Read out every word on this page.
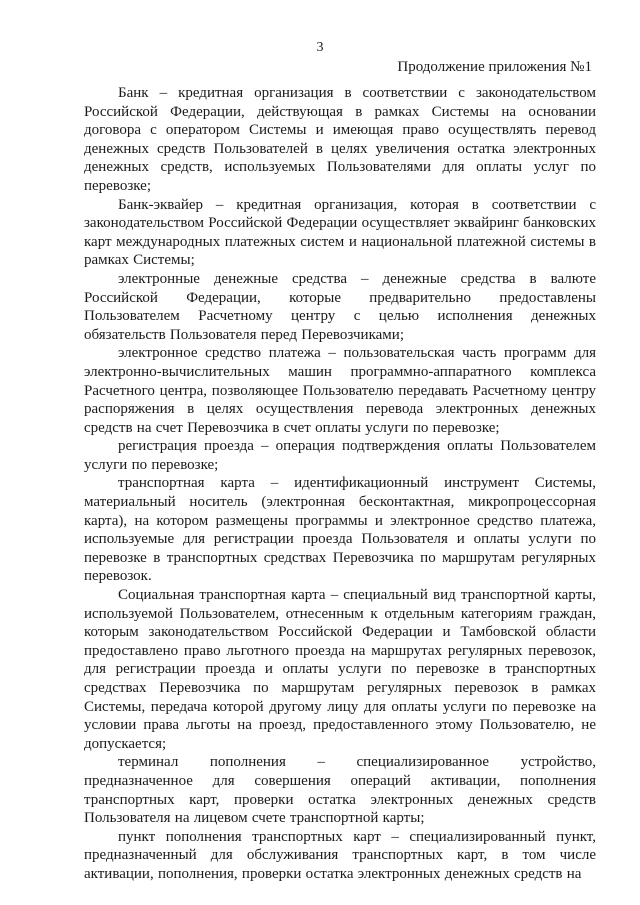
3
Продолжение приложения №1

Банк – кредитная организация в соответствии с законодательством Российской Федерации, действующая в рамках Системы на основании договора с оператором Системы и имеющая право осуществлять перевод денежных средств Пользователей в целях увеличения остатка электронных денежных средств, используемых Пользователями для оплаты услуг по перевозке;

Банк-эквайер – кредитная организация, которая в соответствии с законодательством Российской Федерации осуществляет эквайринг банковских карт международных платежных систем и национальной платежной системы в рамках Системы;

электронные денежные средства – денежные средства в валюте Российской Федерации, которые предварительно предоставлены Пользователем Расчетному центру с целью исполнения денежных обязательств Пользователя перед Перевозчиками;

электронное средство платежа – пользовательская часть программ для электронно-вычислительных машин программно-аппаратного комплекса Расчетного центра, позволяющее Пользователю передавать Расчетному центру распоряжения в целях осуществления перевода электронных денежных средств на счет Перевозчика в счет оплаты услуги по перевозке;

регистрация проезда – операция подтверждения оплаты Пользователем услуги по перевозке;

транспортная карта – идентификационный инструмент Системы, материальный носитель (электронная бесконтактная, микропроцессорная карта), на котором размещены программы и электронное средство платежа, используемые для регистрации проезда Пользователя и оплаты услуги по перевозке в транспортных средствах Перевозчика по маршрутам регулярных перевозок.

Социальная транспортная карта – специальный вид транспортной карты, используемой Пользователем, отнесенным к отдельным категориям граждан, которым законодательством Российской Федерации и Тамбовской области предоставлено право льготного проезда на маршрутах регулярных перевозок, для регистрации проезда и оплаты услуги по перевозке в транспортных средствах Перевозчика по маршрутам регулярных перевозок в рамках Системы, передача которой другому лицу для оплаты услуги по перевозке на условии права льготы на проезд, предоставленного этому Пользователю, не допускается;

терминал пополнения – специализированное устройство, предназначенное для совершения операций активации, пополнения транспортных карт, проверки остатка электронных денежных средств Пользователя на лицевом счете транспортной карты;

пункт пополнения транспортных карт – специализированный пункт, предназначенный для обслуживания транспортных карт, в том числе активации, пополнения, проверки остатка электронных денежных средств на
